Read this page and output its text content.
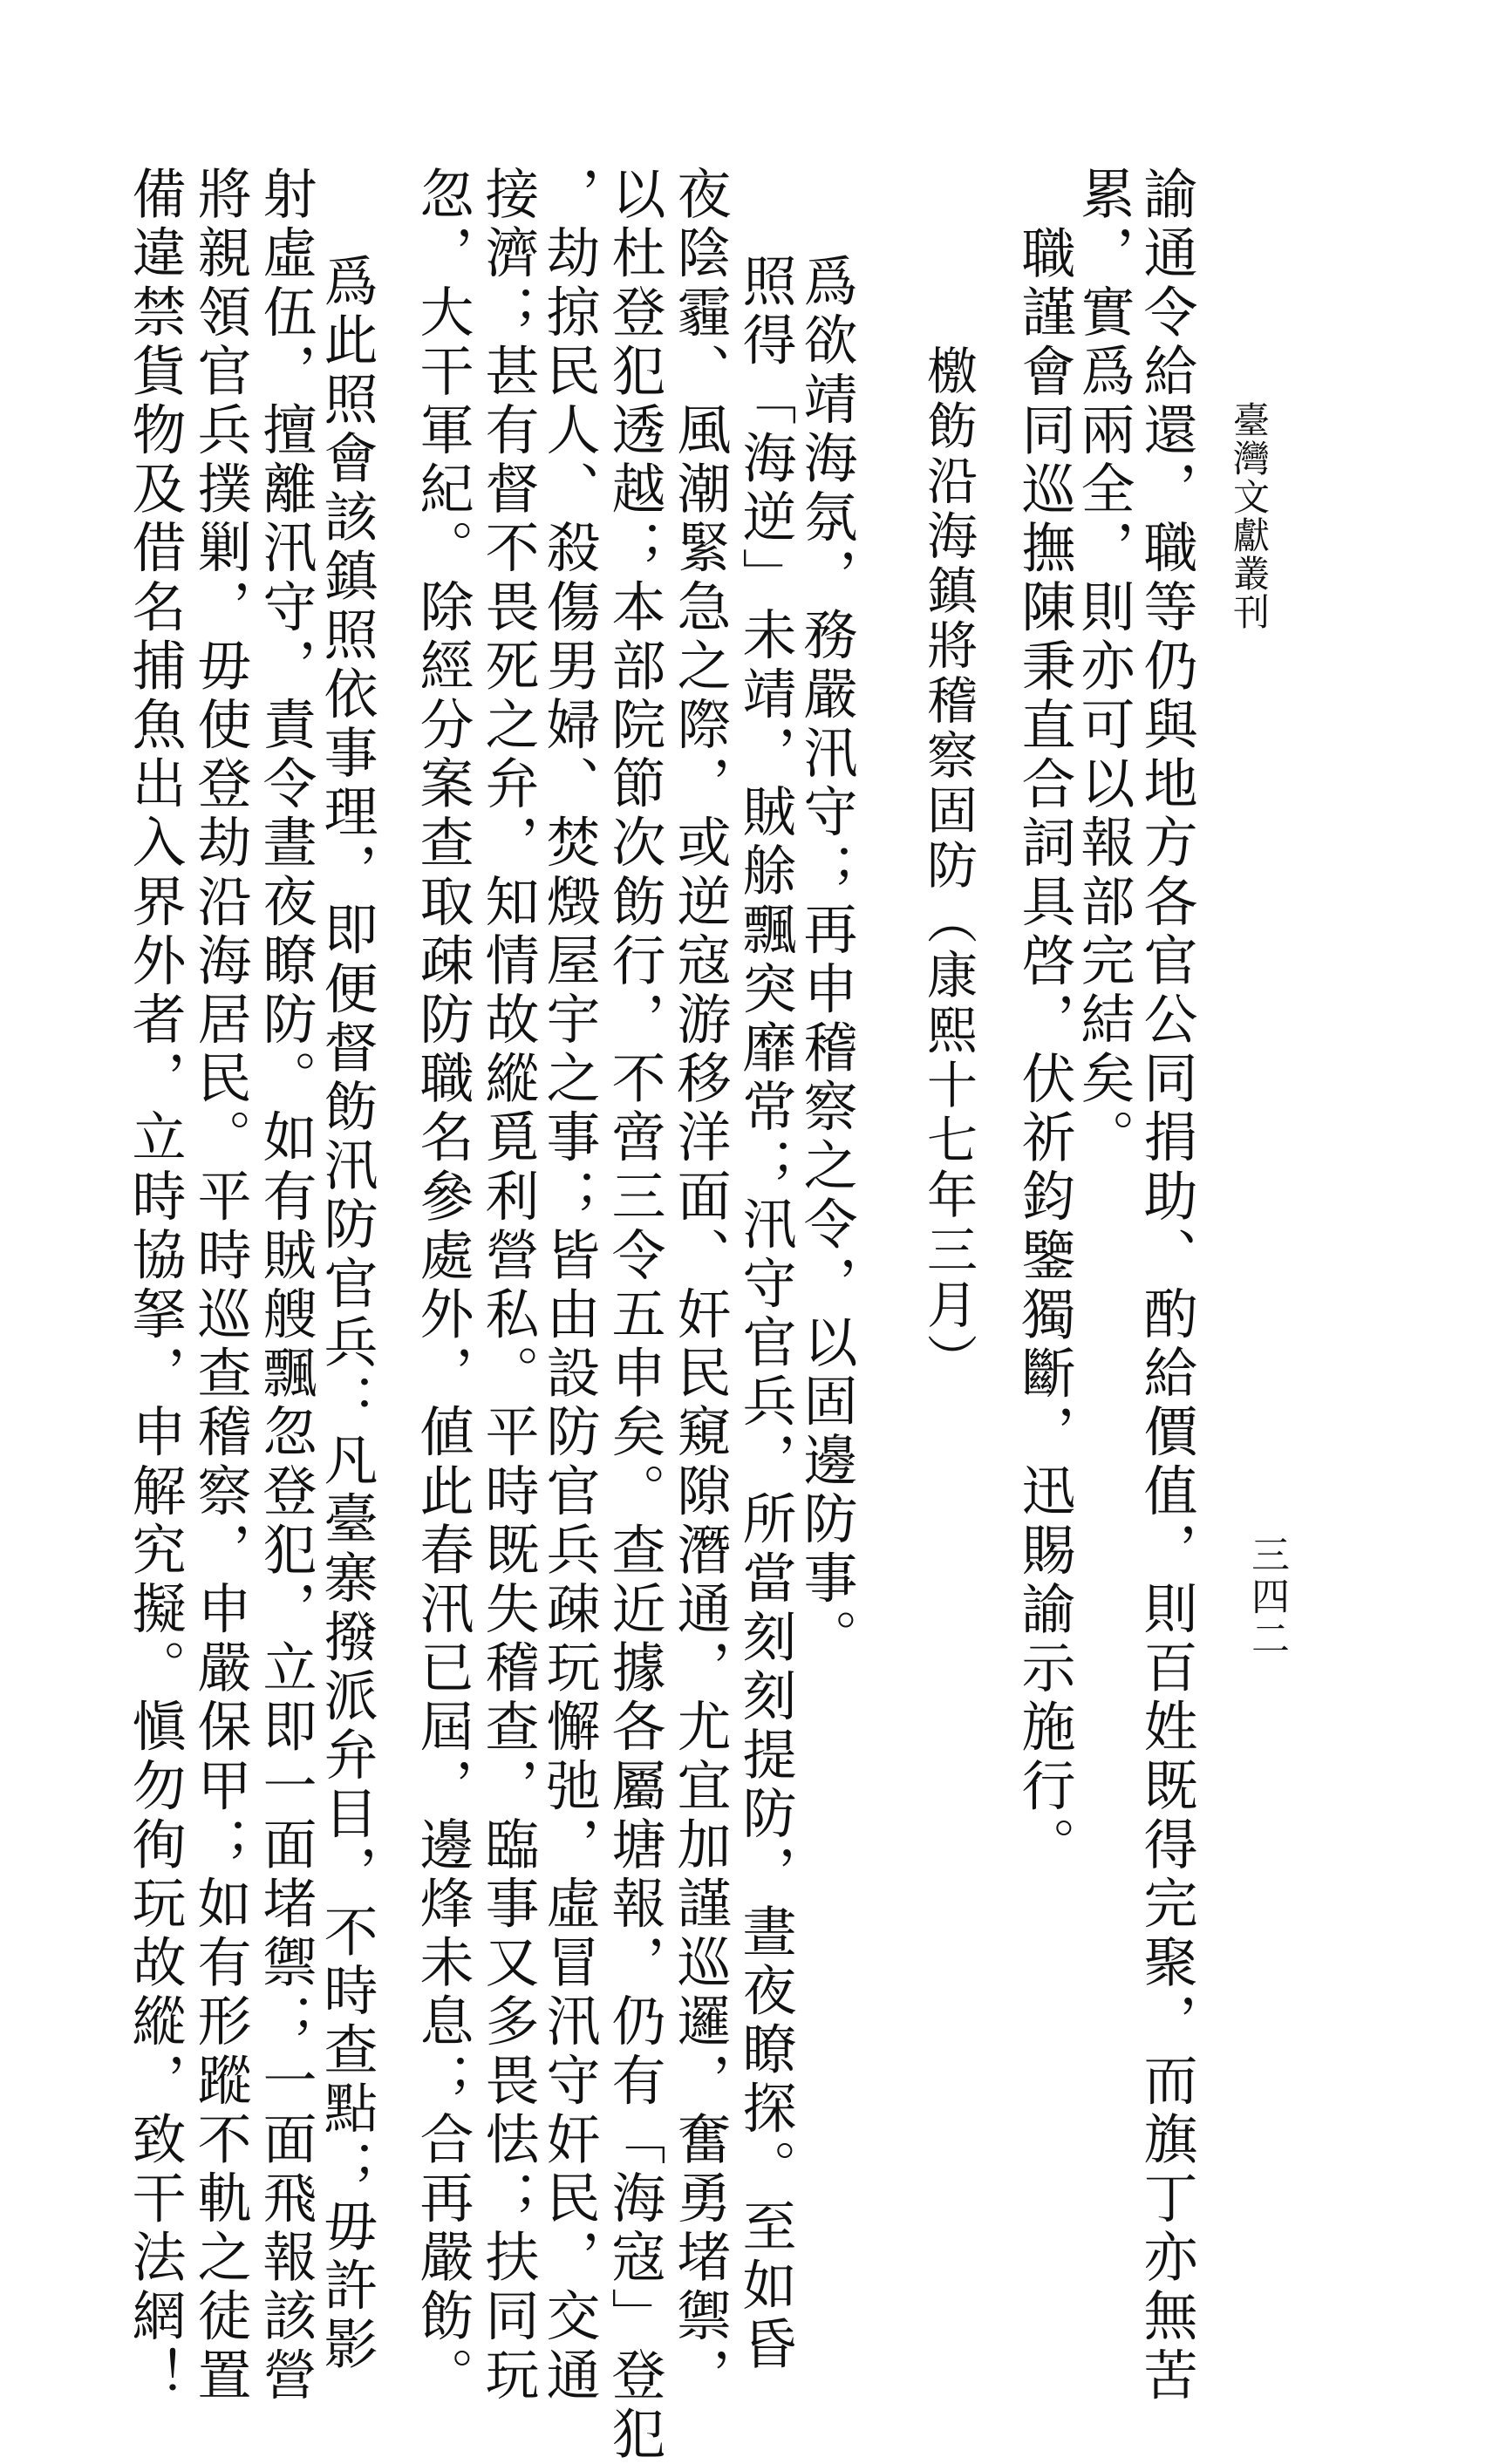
臺灣文獻叢刊
三四二
諭通令給還，職等仍與地方各官公同捐助、酌給價值，則百姓既得完聚，而旗丁亦無苦
累，實爲兩全，則亦可以報部完結矣。
職謹會同巡撫陳秉直合詞具啓，伏祈鈞鑒獨斷，迅賜諭示施行。
檄飭沿海鎮將稽察固防（康熙十七年三月）
爲欲靖海氛，務嚴汛守；再申稽察之令，以固邊防事。
照得「海逆」未靖，賊艅飄突靡常；汛守官兵，所當刻刻提防，晝夜瞭探。至如昏
夜陰霾、風潮緊急之際，或逆寇游移洋面、奸民窺隙潛通，尤宜加謹巡邏，奮勇堵禦，
以杜登犯透越；本部院節次飭行，不啻三令五申矣。查近據各屬塘報，仍有「海寇」登犯
，劫掠民人、殺傷男婦、焚燬屋宇之事；皆由設防官兵疎玩懈弛，虛冒汛守奸民，交通
接濟；甚有督不畏死之弁，知情故縱覓利營私。平時既失稽查，臨事又多畏怯；扶同玩
忽，大干軍紀。除經分案查取疎防職名參處外，値此春汛已屆，邊烽未息；合再嚴飭。
爲此照會該鎮照依事理，即便督飭汛防官兵：凡臺寨撥派弁目，不時查點；毋許影
射虛伍，擅離汛守，責令晝夜瞭防。如有賊艘飄忽登犯，立即一面堵禦；一面飛報該營
將親領官兵撲剿，毋使登劫沿海居民。平時巡查稽察，申嚴保甲；如有形蹤不軌之徒置
備違禁貨物及借名捕魚出入界外者，立時協拏，申解究擬。愼勿徇玩故縱，致干法網！
